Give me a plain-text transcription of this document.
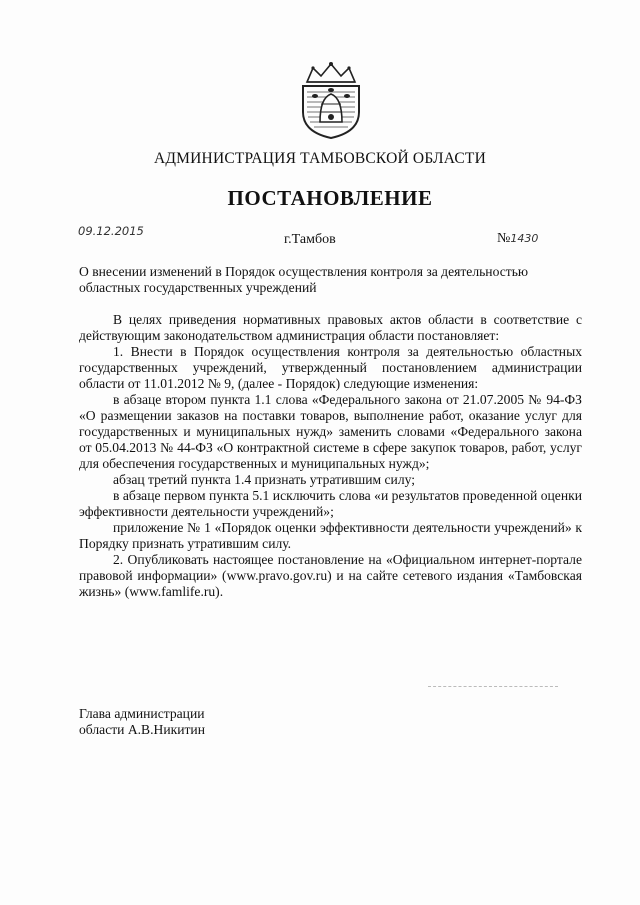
АДМИНИСТРАЦИЯ ТАМБОВСКОЙ ОБЛАСТИ
ПОСТАНОВЛЕНИЕ
09.12.2015
г.Тамбов	№1430
О внесении изменений в Порядок осуществления контроля за деятельностью
областных государственных учреждений

В целях приведения нормативных правовых актов области в соответствие с действующим законодательством администрация области постановляет:

1. Внести в Порядок осуществления контроля за деятельностью областных государственных учреждений, утвержденный постановлением администрации области от 11.01.2012 № 9, (далее - Порядок) следующие изменения:

в абзаце втором пункта 1.1 слова «Федерального закона от 21.07.2005 № 94-ФЗ «О размещении заказов на поставки товаров, выполнение работ, оказание услуг для государственных и муниципальных нужд» заменить словами «Федерального закона от 05.04.2013 № 44-ФЗ «О контрактной системе в сфере закупок товаров, работ, услуг для обеспечения государственных и муниципальных нужд»;

абзац третий пункта 1.4 признать утратившим силу;

в абзаце первом пункта 5.1 исключить слова «и результатов проведенной оценки эффективности деятельности учреждений»;

приложение № 1 «Порядок оценки эффективности деятельности учреждений» к Порядку признать утратившим силу.

2. Опубликовать настоящее постановление на «Официальном интернет-портале правовой информации» (www.pravo.gov.ru) и на сайте сетевого издания «Тамбовская жизнь» (www.famlife.ru).

Глава администрации
области А.В.Никитин
